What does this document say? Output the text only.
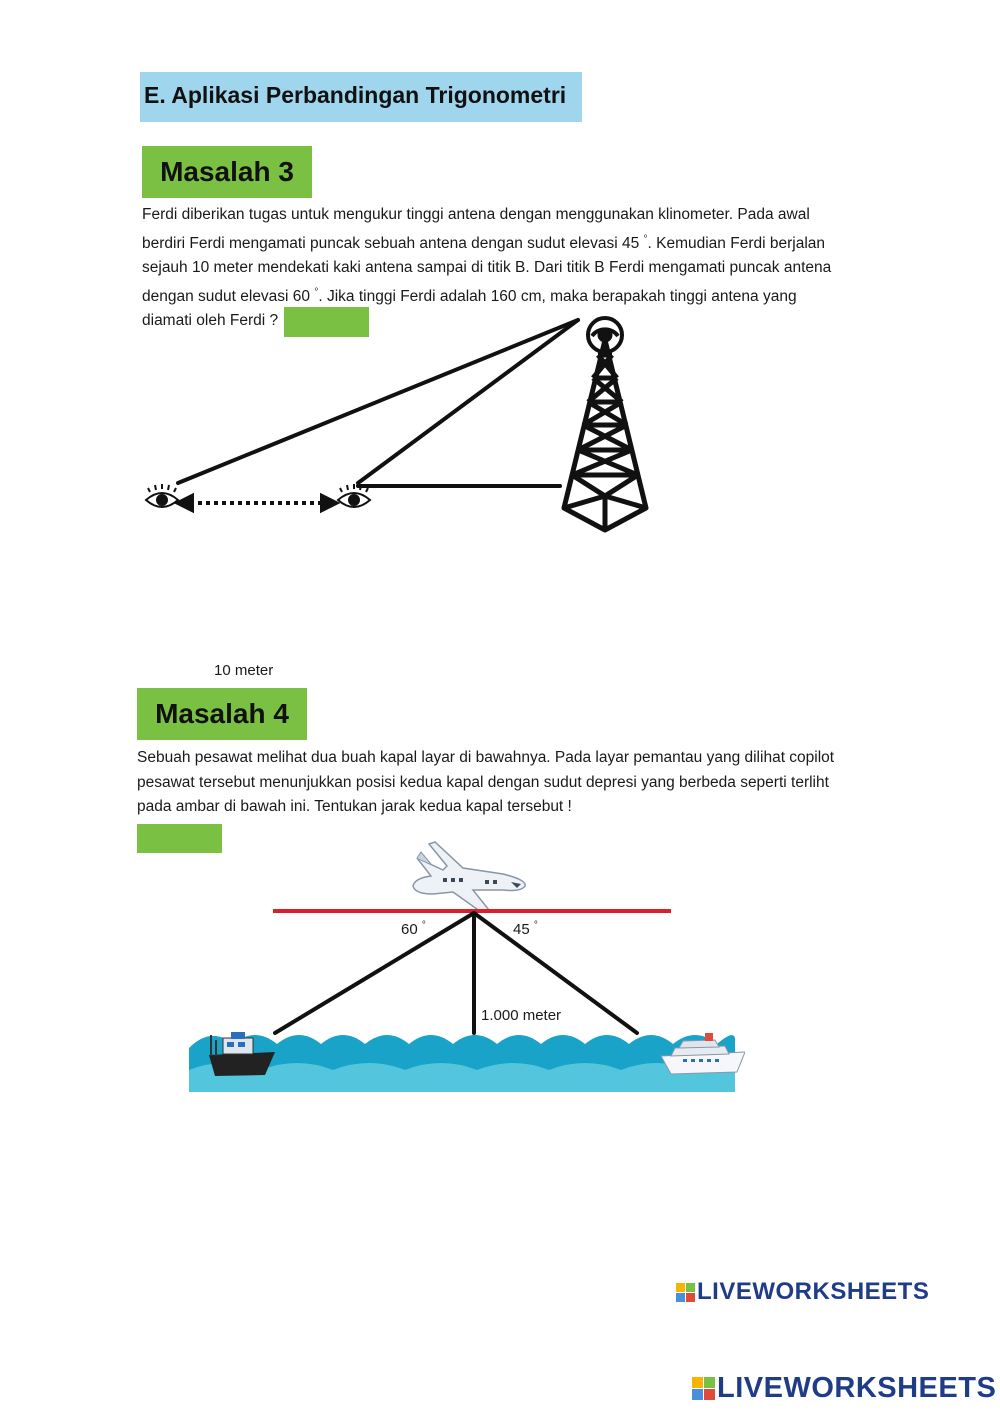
E. Aplikasi Perbandingan Trigonometri
Masalah 3
Ferdi diberikan tugas untuk mengukur tinggi antena dengan menggunakan klinometer. Pada awal
berdiri Ferdi mengamati puncak sebuah antena dengan sudut elevasi 45 °. Kemudian Ferdi berjalan
sejauh 10 meter mendekati kaki antena sampai di titik B. Dari titik B Ferdi mengamati puncak antena
dengan sudut elevasi 60 °. Jika tinggi Ferdi adalah 160 cm, maka berapakah tinggi antena yang
diamati oleh Ferdi ?
10 meter
Masalah 4
Sebuah pesawat melihat dua buah kapal layar di bawahnya. Pada layar pemantau yang dilihat copilot
pesawat tersebut menunjukkan posisi kedua kapal dengan sudut depresi yang berbeda seperti terliht
pada ambar di bawah ini. Tentukan jarak kedua kapal tersebut !
60 °	45 °
1.000 meter
LIVEWORKSHEETS
LIVEWORKSHEETS
